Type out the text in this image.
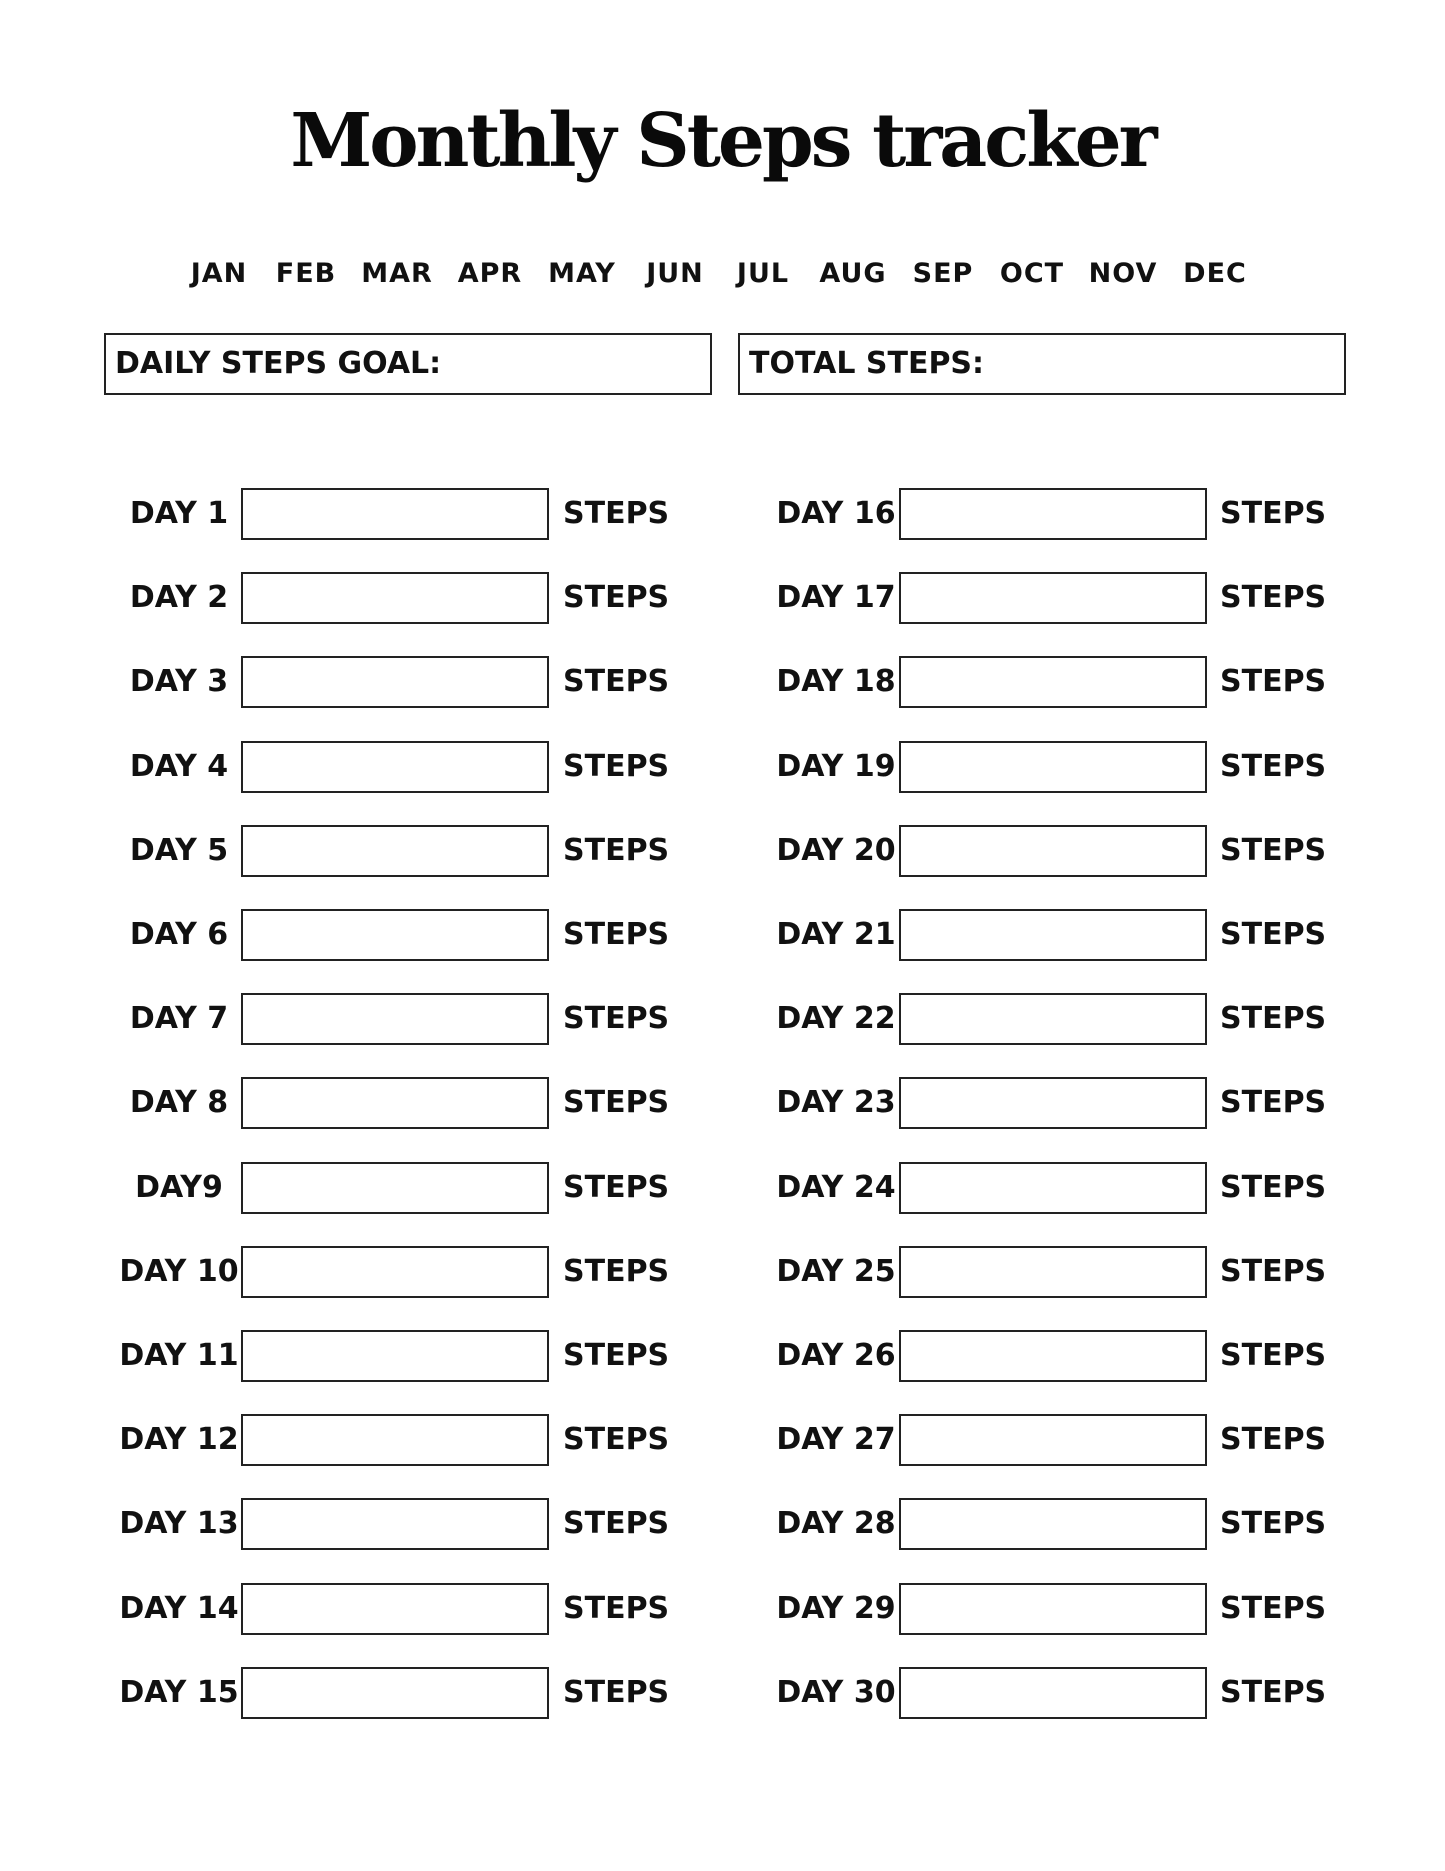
Monthly Steps tracker
JAN	FEB MAR APR MAY	JUN	JUL	AUG SEP OCT NOV DEC
DAILY STEPS GOAL:	TOTAL STEPS:
DAY 1	STEPS
DAY 2	STEPS
DAY 3	STEPS
DAY 4	STEPS
DAY 5	STEPS
DAY 6	STEPS
DAY 7	STEPS
DAY 8	STEPS
DAY9	STEPS
DAY 10	STEPS
DAY 11	STEPS
DAY 12	STEPS
DAY 13	STEPS
DAY 14	STEPS
DAY 15	STEPS
DAY 16	STEPS
DAY 17	STEPS
DAY 18	STEPS
DAY 19	STEPS
DAY 20	STEPS
DAY 21	STEPS
DAY 22	STEPS
DAY 23	STEPS
DAY 24	STEPS
DAY 25	STEPS
DAY 26	STEPS
DAY 27	STEPS
DAY 28	STEPS
DAY 29	STEPS
DAY 30	STEPS
